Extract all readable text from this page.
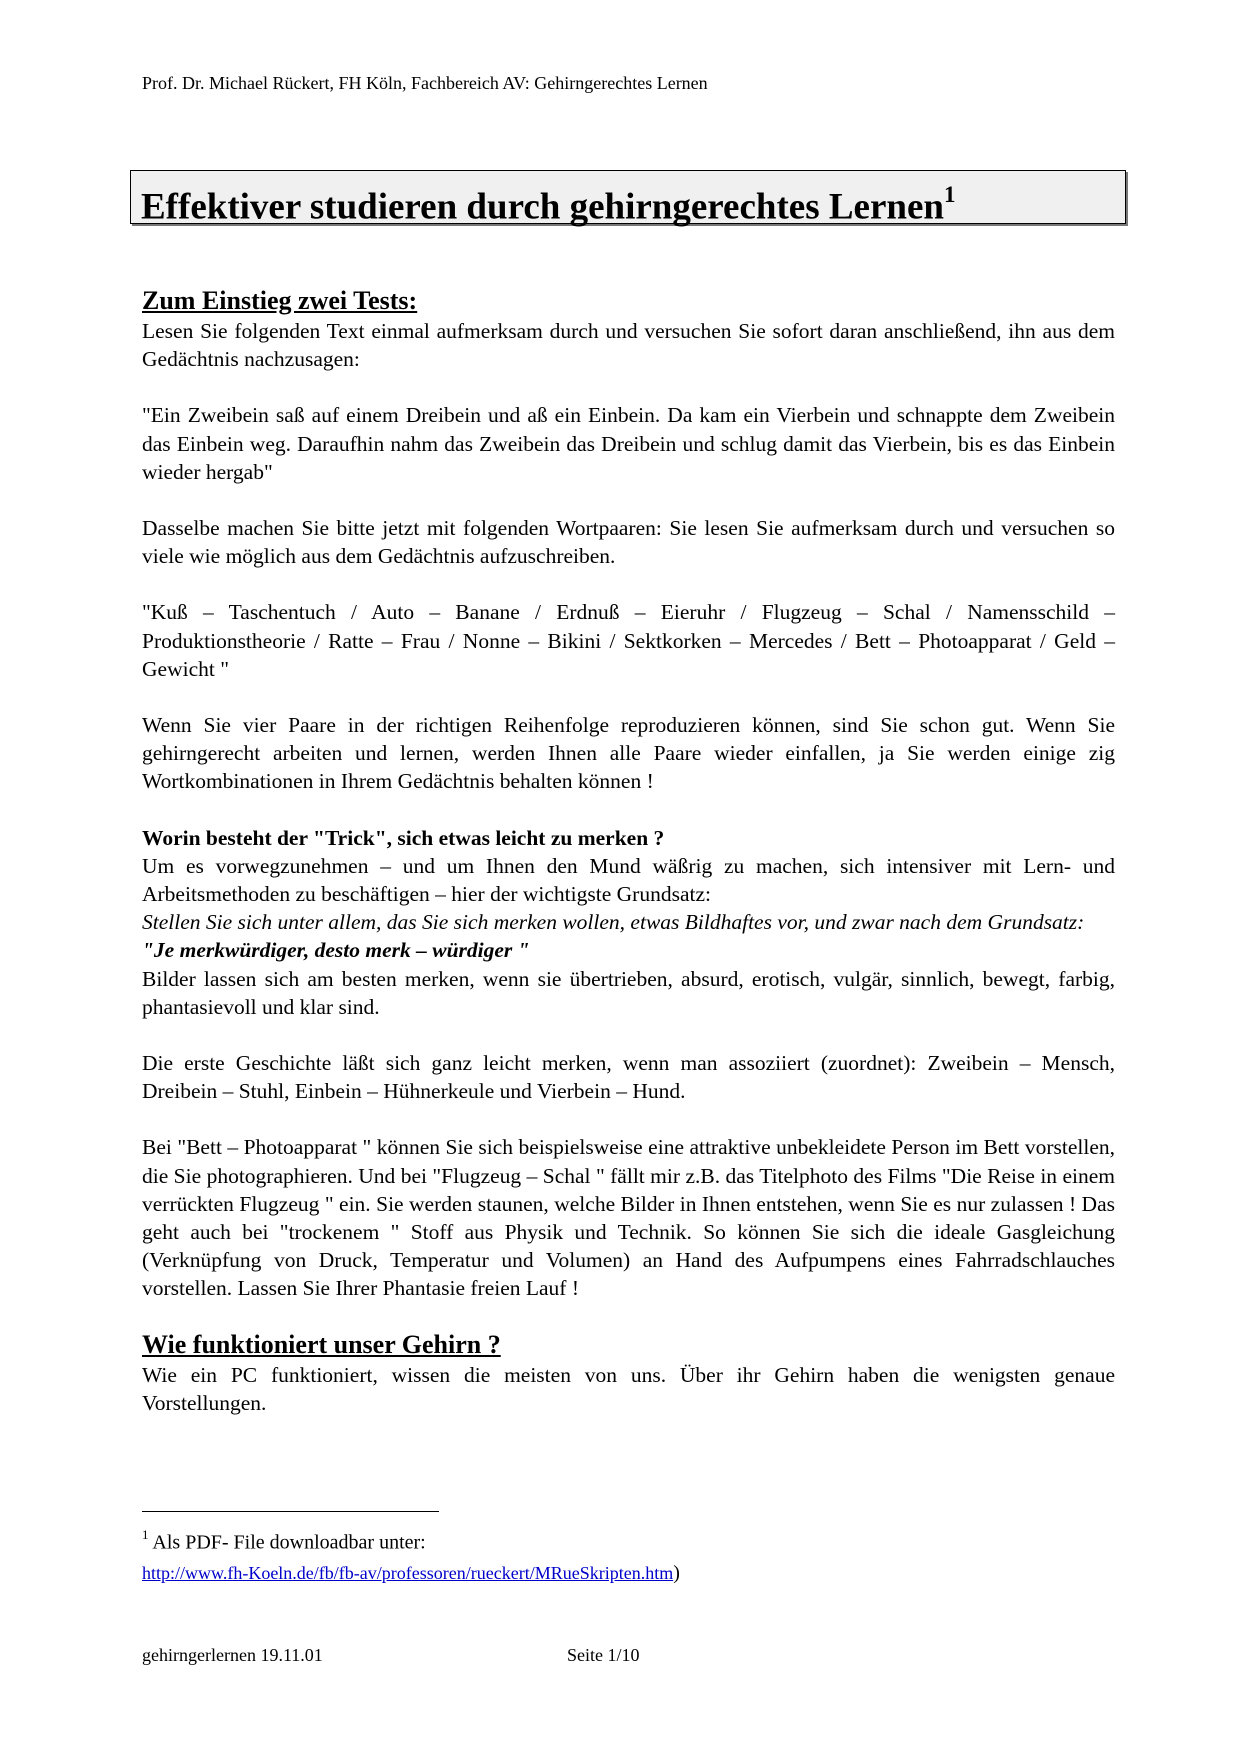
Prof. Dr. Michael Rückert, FH Köln, Fachbereich AV: Gehirngerechtes Lernen
Effektiver studieren durch gehirngerechtes Lernen$^1$
Zum Einstieg zwei Tests:

Lesen Sie folgenden Text einmal aufmerksam durch und versuchen Sie sofort daran anschließend, ihn aus dem Gedächtnis nachzusagen:

"Ein Zweibein saß auf einem Dreibein und aß ein Einbein. Da kam ein Vierbein und schnappte dem Zweibein das Einbein weg. Daraufhin nahm das Zweibein das Dreibein und schlug damit das Vierbein, bis es das Einbein wieder hergab"

Dasselbe machen Sie bitte jetzt mit folgenden Wortpaaren: Sie lesen Sie aufmerksam durch und versuchen so viele wie möglich aus dem Gedächtnis aufzuschreiben.

"Kuß – Taschentuch / Auto – Banane / Erdnuß – Eieruhr / Flugzeug – Schal / Namensschild – Produktionstheorie / Ratte – Frau / Nonne – Bikini / Sektkorken – Mercedes / Bett – Photoapparat / Geld – Gewicht "

Wenn Sie vier Paare in der richtigen Reihenfolge reproduzieren können, sind Sie schon gut. Wenn Sie gehirngerecht arbeiten und lernen, werden Ihnen alle Paare wieder einfallen, ja Sie werden einige zig Wortkombinationen in Ihrem Gedächtnis behalten können !

Worin besteht der "Trick", sich etwas leicht zu merken ?

Um es vorwegzunehmen – und um Ihnen den Mund wäßrig zu machen, sich intensiver mit Lern- und Arbeitsmethoden zu beschäftigen – hier der wichtigste Grundsatz:

Stellen Sie sich unter allem, das Sie sich merken wollen, etwas Bildhaftes vor, und zwar nach dem Grundsatz:

"Je merkwürdiger, desto merk – würdiger "

Bilder lassen sich am besten merken, wenn sie übertrieben, absurd, erotisch, vulgär, sinnlich, bewegt, farbig, phantasievoll und klar sind.

Die erste Geschichte läßt sich ganz leicht merken, wenn man assoziiert (zuordnet): Zweibein – Mensch, Dreibein – Stuhl, Einbein – Hühnerkeule und Vierbein – Hund.

Bei "Bett – Photoapparat " können Sie sich beispielsweise eine attraktive unbekleidete Person im Bett vorstellen, die Sie photographieren. Und bei "Flugzeug – Schal " fällt mir z.B. das Titelphoto des Films "Die Reise in einem verrückten Flugzeug " ein. Sie werden staunen, welche Bilder in Ihnen entstehen, wenn Sie es nur zulassen ! Das geht auch bei "trockenem " Stoff aus Physik und Technik. So können Sie sich die ideale Gasgleichung (Verknüpfung von Druck, Temperatur und Volumen) an Hand des Aufpumpens eines Fahrradschlauches vorstellen. Lassen Sie Ihrer Phantasie freien Lauf !

Wie funktioniert unser Gehirn ?

Wie ein PC funktioniert, wissen die meisten von uns. Über ihr Gehirn haben die wenigsten genaue Vorstellungen.

$^1$ Als PDF- File downloadbar unter:
http://www.fh-Koeln.de/fb/fb-av/professoren/rueckert/MRueSkripten.htm)
gehirngerlernen 19.11.01	Seite 1/10
